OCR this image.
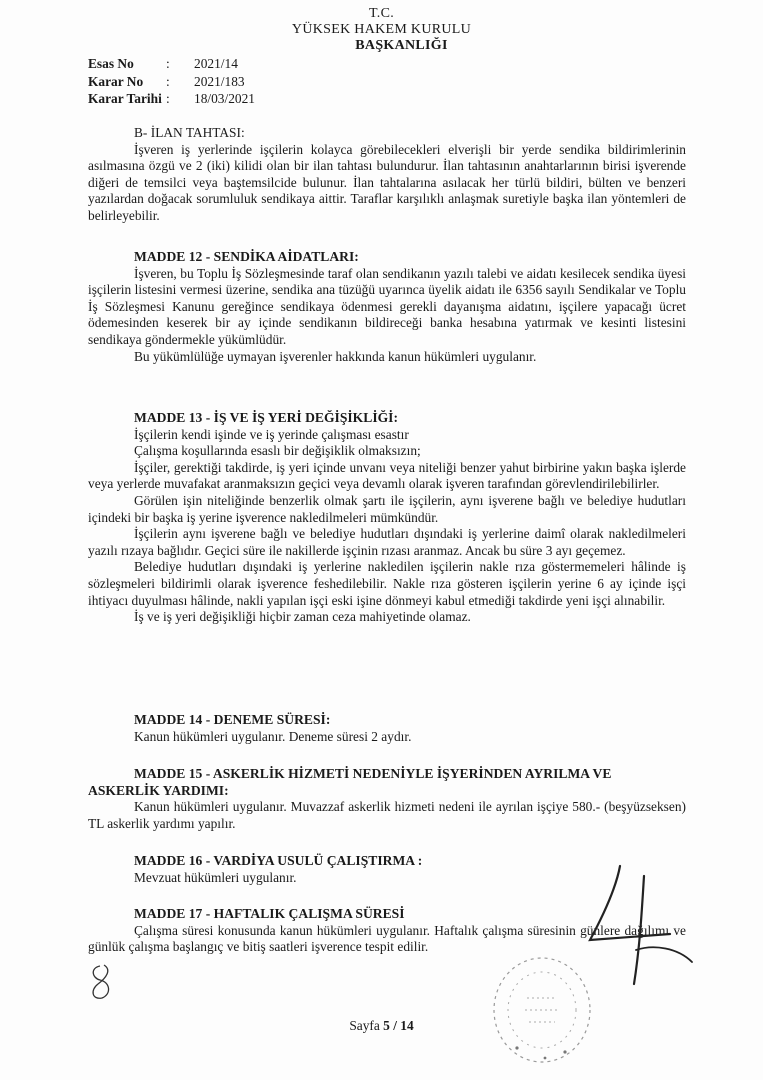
T.C.
YÜKSEK HAKEM KURULU
BAŞKANLIĞI
Esas No	:	2021/14
Karar No	:	2021/183
Karar Tarihi :	18/03/2021
B- İLAN TAHTASI:
İşveren iş yerlerinde işçilerin kolayca görebilecekleri elverişli bir yerde sendika bildirimlerinin asılmasına özgü ve 2 (iki) kilidi olan bir ilan tahtası bulundurur. İlan tahtasının anahtarlarının birisi işverende diğeri de temsilci veya baştemsilcide bulunur. İlan tahtalarına asılacak her türlü bildiri, bülten ve benzeri yazılardan doğacak sorumluluk sendikaya aittir. Taraflar karşılıklı anlaşmak suretiyle başka ilan yöntemleri de belirleyebilir.
MADDE 12 - SENDİKA AİDATLARI:
İşveren, bu Toplu İş Sözleşmesinde taraf olan sendikanın yazılı talebi ve aidatı kesilecek sendika üyesi işçilerin listesini vermesi üzerine, sendika ana tüzüğü uyarınca üyelik aidatı ile 6356 sayılı Sendikalar ve Toplu İş Sözleşmesi Kanunu gereğince sendikaya ödenmesi gerekli dayanışma aidatını, işçilere yapacağı ücret ödemesinden keserek bir ay içinde sendikanın bildireceği banka hesabına yatırmak ve kesinti listesini sendikaya göndermekle yükümlüdür.
Bu yükümlülüğe uymayan işverenler hakkında kanun hükümleri uygulanır.
MADDE 13 - İŞ VE İŞ YERİ DEĞİŞİKLİĞİ:
İşçilerin kendi işinde ve iş yerinde çalışması esastır
Çalışma koşullarında esaslı bir değişiklik olmaksızın;
İşçiler, gerektiği takdirde, iş yeri içinde unvanı veya niteliği benzer yahut birbirine yakın başka işlerde veya yerlerde muvafakat aranmaksızın geçici veya devamlı olarak işveren tarafından görevlendirilebilirler.
Görülen işin niteliğinde benzerlik olmak şartı ile işçilerin, aynı işverene bağlı ve belediye hudutları içindeki bir başka iş yerine işverence nakledilmeleri mümkündür.
İşçilerin aynı işverene bağlı ve belediye hudutları dışındaki iş yerlerine daimî olarak nakledilmeleri yazılı rızaya bağlıdır. Geçici süre ile nakillerde işçinin rızası aranmaz. Ancak bu süre 3 ayı geçemez.
Belediye hudutları dışındaki iş yerlerine nakledilen işçilerin nakle rıza göstermemeleri hâlinde iş sözleşmeleri bildirimli olarak işverence feshedilebilir. Nakle rıza gösteren işçilerin yerine 6 ay içinde işçi ihtiyacı duyulması hâlinde, nakli yapılan işçi eski işine dönmeyi kabul etmediği takdirde yeni işçi alınabilir.
İş ve iş yeri değişikliği hiçbir zaman ceza mahiyetinde olamaz.
MADDE 14 - DENEME SÜRESİ:
Kanun hükümleri uygulanır. Deneme süresi 2 aydır.
MADDE 15 - ASKERLİK HİZMETİ NEDENİYLE İŞYERİNDEN AYRILMA VE
ASKERLİK YARDIMI:
Kanun hükümleri uygulanır. Muvazzaf askerlik hizmeti nedeni ile ayrılan işçiye 580.- (beşyüzseksen) TL askerlik yardımı yapılır.
MADDE 16 - VARDİYA USULÜ ÇALIŞTIRMA :
Mevzuat hükümleri uygulanır.
MADDE 17 - HAFTALIK ÇALIŞMA SÜRESİ
Çalışma süresi konusunda kanun hükümleri uygulanır. Haftalık çalışma süresinin günlere dağılımı ve günlük çalışma başlangıç ve bitiş saatleri işverence tespit edilir.
Sayfa 5 / 14
